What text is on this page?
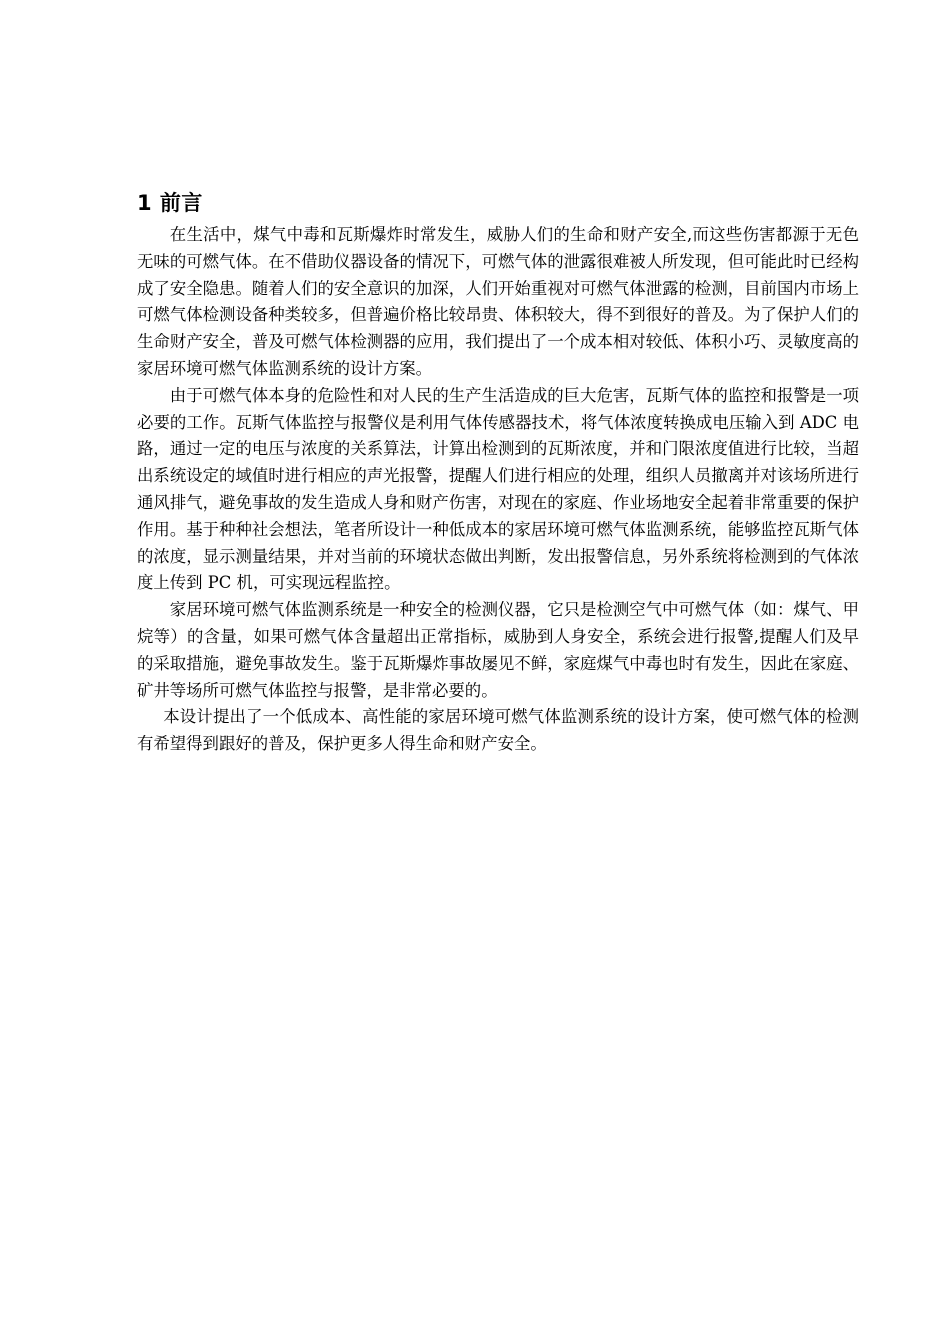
1 前言

在生活中，煤气中毒和瓦斯爆炸时常发生，威胁人们的生命和财产安全,而这些伤害都源于无色无味的可燃气体。在不借助仪器设备的情况下，可燃气体的泄露很难被人所发现，但可能此时已经构成了安全隐患。随着人们的安全意识的加深，人们开始重视对可燃气体泄露的检测，目前国内市场上可燃气体检测设备种类较多，但普遍价格比较昂贵、体积较大，得不到很好的普及。为了保护人们的生命财产安全，普及可燃气体检测器的应用，我们提出了一个成本相对较低、体积小巧、灵敏度高的家居环境可燃气体监测系统的设计方案。

由于可燃气体本身的危险性和对人民的生产生活造成的巨大危害，瓦斯气体的监控和报警是一项必要的工作。瓦斯气体监控与报警仪是利用气体传感器技术，将气体浓度转换成电压输入到 ADC 电路，通过一定的电压与浓度的关系算法，计算出检测到的瓦斯浓度，并和门限浓度值进行比较，当超出系统设定的域值时进行相应的声光报警，提醒人们进行相应的处理，组织人员撤离并对该场所进行通风排气，避免事故的发生造成人身和财产伤害，对现在的家庭、作业场地安全起着非常重要的保护作用。基于种种社会想法，笔者所设计一种低成本的家居环境可燃气体监测系统，能够监控瓦斯气体的浓度，显示测量结果，并对当前的环境状态做出判断，发出报警信息，另外系统将检测到的气体浓度上传到 PC 机，可实现远程监控。

家居环境可燃气体监测系统是一种安全的检测仪器，它只是检测空气中可燃气体（如：煤气、甲烷等）的含量，如果可燃气体含量超出正常指标，威胁到人身安全，系统会进行报警,提醒人们及早的采取措施，避免事故发生。鉴于瓦斯爆炸事故屡见不鲜，家庭煤气中毒也时有发生，因此在家庭、矿井等场所可燃气体监控与报警，是非常必要的。

本设计提出了一个低成本、高性能的家居环境可燃气体监测系统的设计方案，使可燃气体的检测有希望得到跟好的普及，保护更多人得生命和财产安全。
